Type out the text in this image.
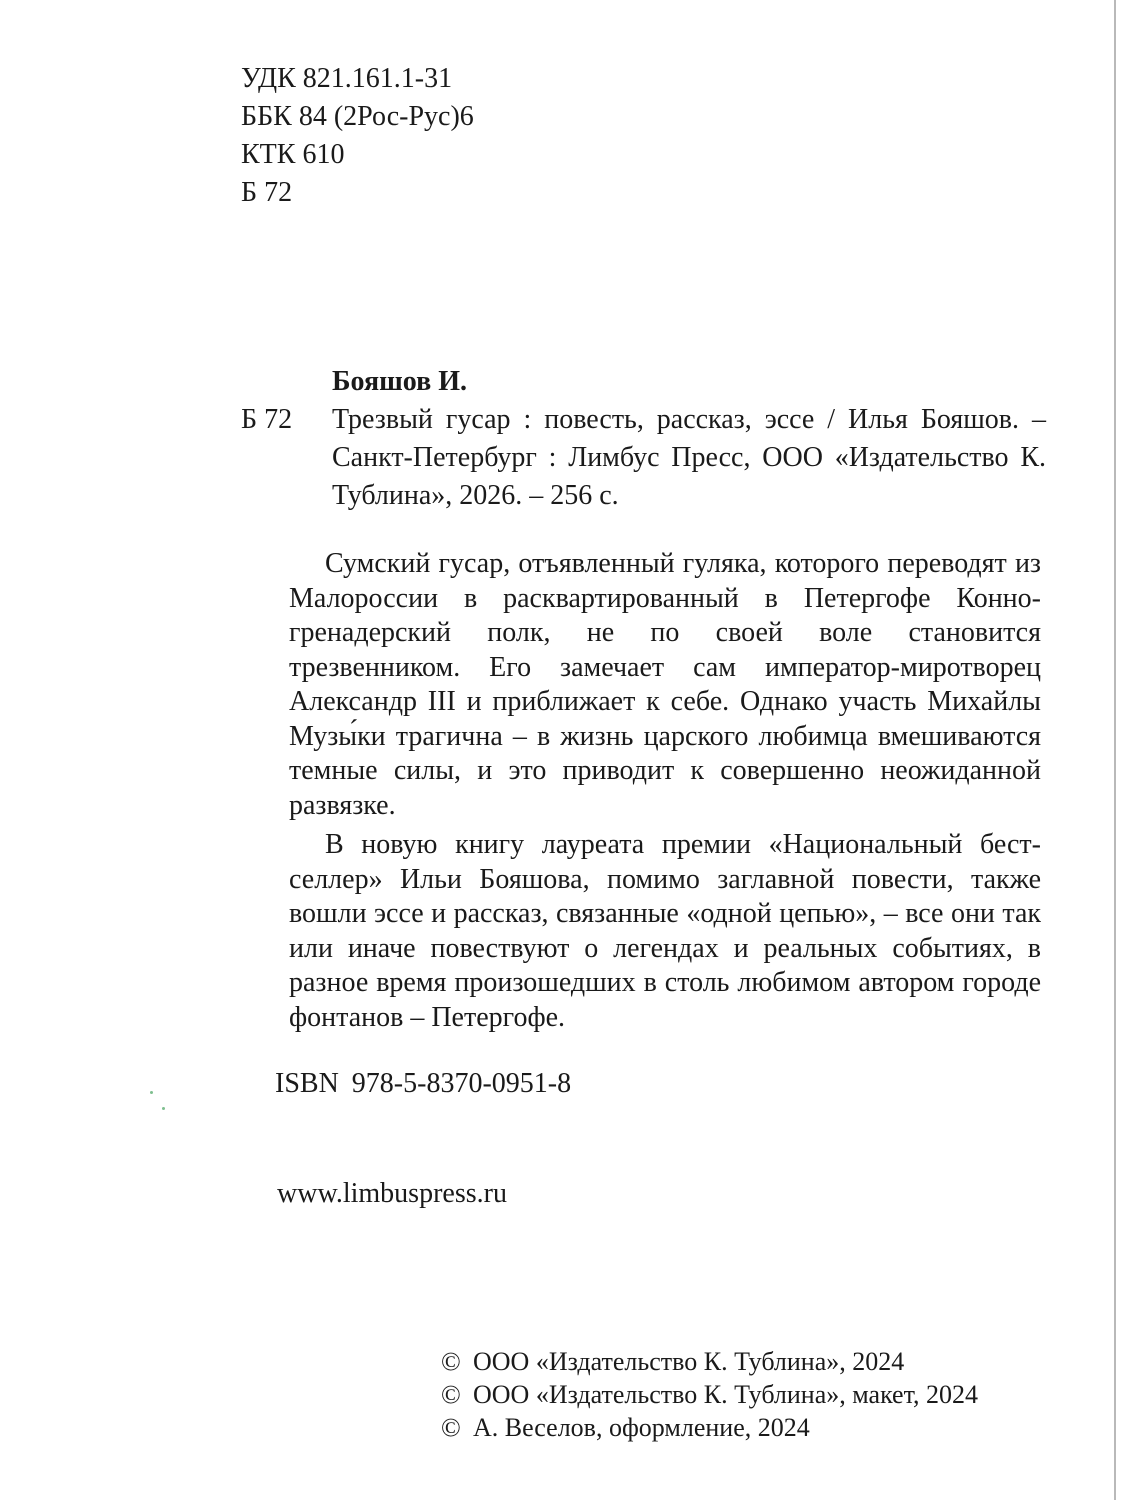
УДК 821.161.1-31
ББК 84 (2Рос-Рус)6
КТК 610
Б 72
Бояшов И.
Б 72 Трезвый гусар : повесть, рассказ, эссе / Илья Бояшов. – Санкт-Петербург : Лимбус Пресс, ООО «Издательство К. Тублина», 2026. – 256 с.

Сумский гусар, отъявленный гуляка, которого переводят из Малороссии в расквартированный в Петергофе Конно-гренадерский полк, не по своей воле становится трезвенником. Его замечает сам император-миротворец Александр III и приближает к себе. Однако участь Михайлы Музы́ки трагична – в жизнь царского любимца вмешиваются темные силы, и это приводит к совершенно неожиданной развязке.

В новую книгу лауреата премии «Национальный бестселлер» Ильи Бояшова, помимо заглавной повести, также вошли эссе и рассказ, связанные «одной цепью», – все они так или иначе повествуют о легендах и реальных событиях, в разное время произошедших в столь любимом автором городе фонтанов – Петергофе.

ISBN 978-5-8370-0951-8
www.limbuspress.ru
© ООО «Издательство К. Тублина», 2024
© ООО «Издательство К. Тублина», макет, 2024
© А. Веселов, оформление, 2024
